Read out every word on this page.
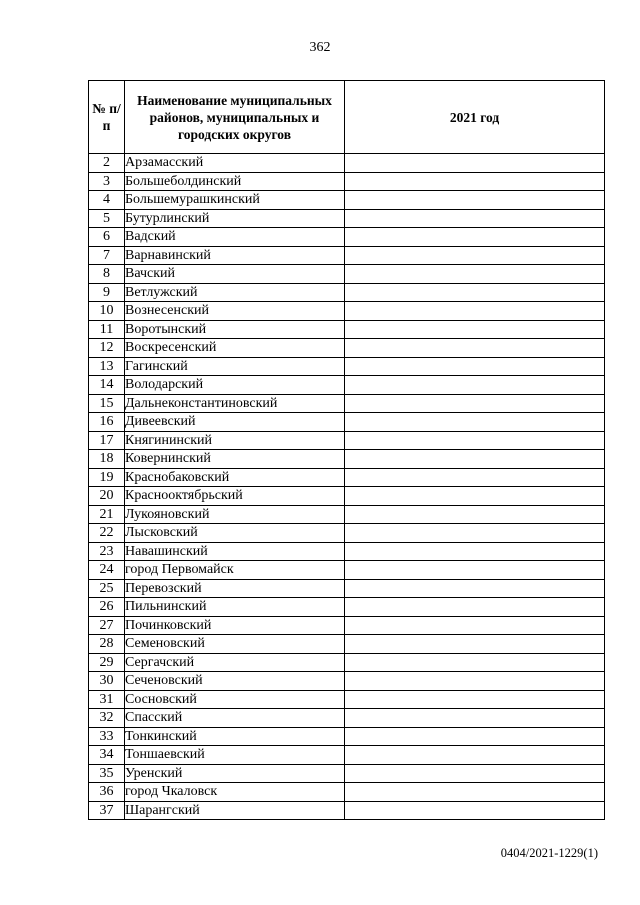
362
№ п/п	Наименование муниципальных районов, муниципальных и городских округов	2021 год
2	Арзамасский	
3	Большеболдинский	
4	Большемурашкинский	
5	Бутурлинский	
6	Вадский	
7	Варнавинский	
8	Вачский	
9	Ветлужский	
10	Вознесенский	
11	Воротынский	
12	Воскресенский	
13	Гагинский	
14	Володарский	
15	Дальнеконстантиновский	
16	Дивеевский	
17	Княгининский	
18	Ковернинский	
19	Краснобаковский	
20	Краснооктябрьский	
21	Лукояновский	
22	Лысковский	
23	Навашинский	
24	город Первомайск	
25	Перевозский	
26	Пильнинский	
27	Починковский	
28	Семеновский	
29	Сергачский	
30	Сеченовский	
31	Сосновский	
32	Спасский	
33	Тонкинский	
34	Тоншаевский	
35	Уренский	
36	город Чкаловск	
37	Шарангский	
0404/2021-1229(1)
